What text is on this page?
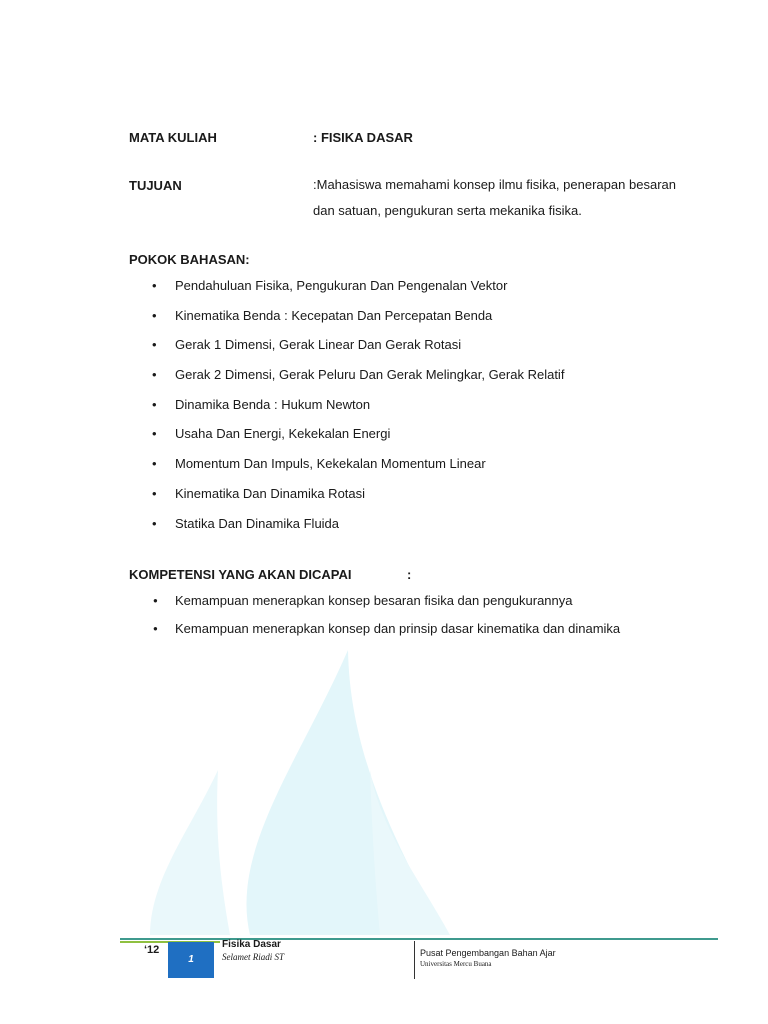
MATA KULIAH	: FISIKA DASAR
TUJUAN	:Mahasiswa memahami konsep ilmu fisika, penerapan besaran dan satuan, pengukuran serta mekanika fisika.
POKOK BAHASAN:
• Pendahuluan Fisika, Pengukuran Dan Pengenalan Vektor
• Kinematika Benda : Kecepatan Dan Percepatan Benda
• Gerak 1 Dimensi, Gerak Linear Dan Gerak Rotasi
• Gerak 2 Dimensi, Gerak Peluru Dan Gerak Melingkar, Gerak Relatif
• Dinamika Benda : Hukum Newton
• Usaha Dan Energi, Kekekalan Energi
• Momentum Dan Impuls, Kekekalan Momentum Linear
• Kinematika Dan Dinamika Rotasi
• Statika Dan Dinamika Fluida
KOMPETENSI YANG AKAN DICAPAI	:
● Kemampuan menerapkan konsep besaran fisika dan pengukurannya
● Kemampuan menerapkan konsep dan prinsip dasar kinematika dan dinamika
‘12
1
Fisika Dasar
Selamet Riadi ST	Pusat Pengembangan Bahan Ajar
Universitas Mercu Buana
